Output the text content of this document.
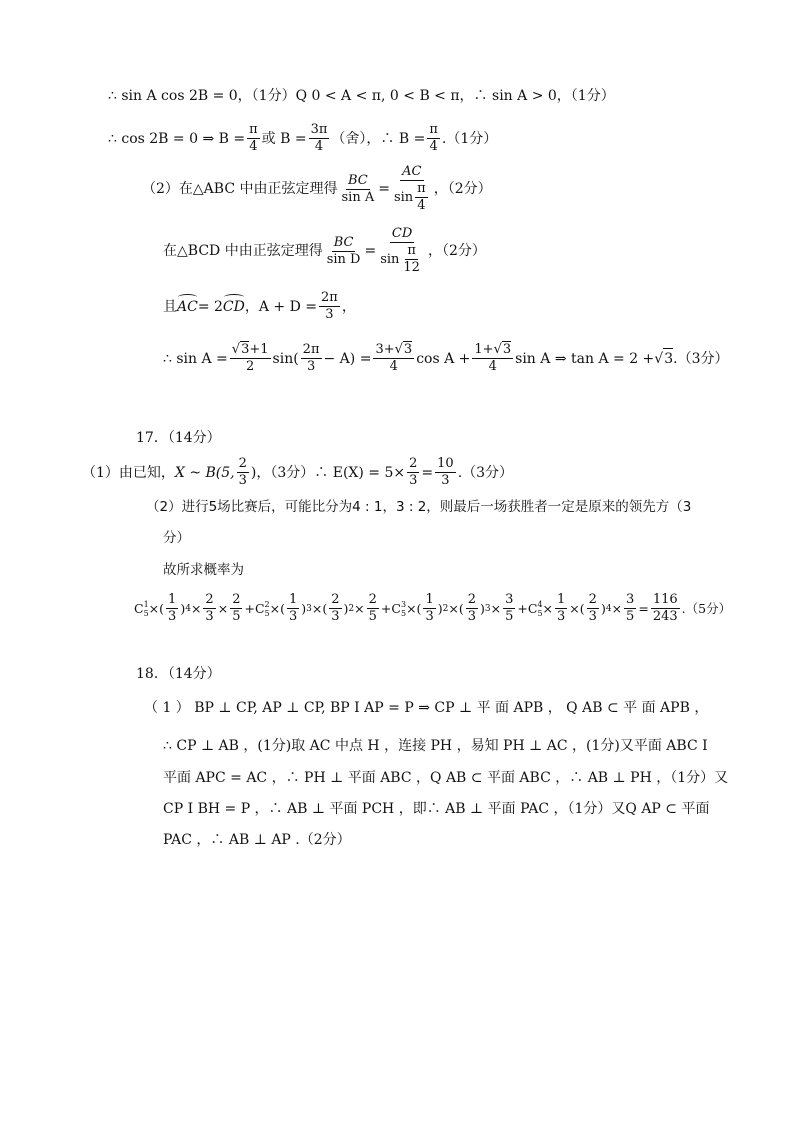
∴ sin A cos 2B = 0，（1分）Q 0 < A < π, 0 < B < π，∴ sin A > 0，（1分）
∴ cos 2B = 0 ⇒ $B = \frac{\pi}{4}$ 或 $B = \frac{3\pi}{4}$ （舍），∴ $B = \frac{\pi}{4} .(1$分）
（2）在△ABC 中由正弦定理得 $\frac{BC}{\text{sin A}} = \frac{AC}{\sin \frac{\pi}{4}}$ ，（2分）
在△BCD 中由正弦定理得 $\frac{BC}{\text{sin D}} = \frac{CD}{\sin \frac{\pi}{12}}$ ，（2分）
且 AC = 2 CD ，$A + D = \frac{2\pi}{3}$ ，
∴ $\sin A = \frac{√3+1}{2} \sin( \frac{2\pi}{3} - A) = \frac{3+√3}{4}$ $\cos A + \frac{1+√3}{4}$ sin A ⇒ tan A = 2 + √ 3 .（3分）
17．（14分）
（1）由已知， X ~ B(5, $\frac{2}{3}$ )，（3分）∴ $E(X) = 5\times \frac{2}{3} = \frac{10}{3} .(3$分）
（2）进行5场比赛后，可能比分为4 : 1，3 : 2，则最后一场获胜者一定是原来的领先方（3
分）
故所求概率为
C 1
5 ×( $\frac{1}{3}$ ) $4 \times \frac{2}{3} \times \frac{2}{5} + C$ 2
5 ×( $\frac{1}{3}$ ) 3 ×( $\frac{2}{3}$ ) $2 \times \frac{2}{5} + C$ 3
5 ×( $\frac{1}{3}$ ) 2 ×( $\frac{2}{3}$ ) $3 \times \frac{3}{5} + C$ 4
$5 \times \frac{1}{3}$ ×( $\frac{2}{3}$ ) $4 \times \frac{3}{5} = \frac{116}{243} .(5$分）
18．（14分）
（ 1 ） BP ⊥ CP, AP ⊥ CP, BP I AP = P ⇒ CP ⊥ 平 面 APB ， Q AB ⊂ 平 面 APB ，
∴ CP ⊥ AB ，(1分)取 AC 中点 H ，连接 PH ，易知 PH ⊥ AC ，(1分)又平面 ABC I
平面 APC = AC ，∴ PH ⊥ 平面 ABC ，Q AB ⊂ 平面 ABC ，∴ AB ⊥ PH ，（1分）又
CP I BH = P ，∴ AB ⊥ 平面 PCH ，即∴ AB ⊥ 平面 PAC ，（1分）又Q AP ⊂ 平面
PAC ，∴ AB ⊥ AP .（2分）
